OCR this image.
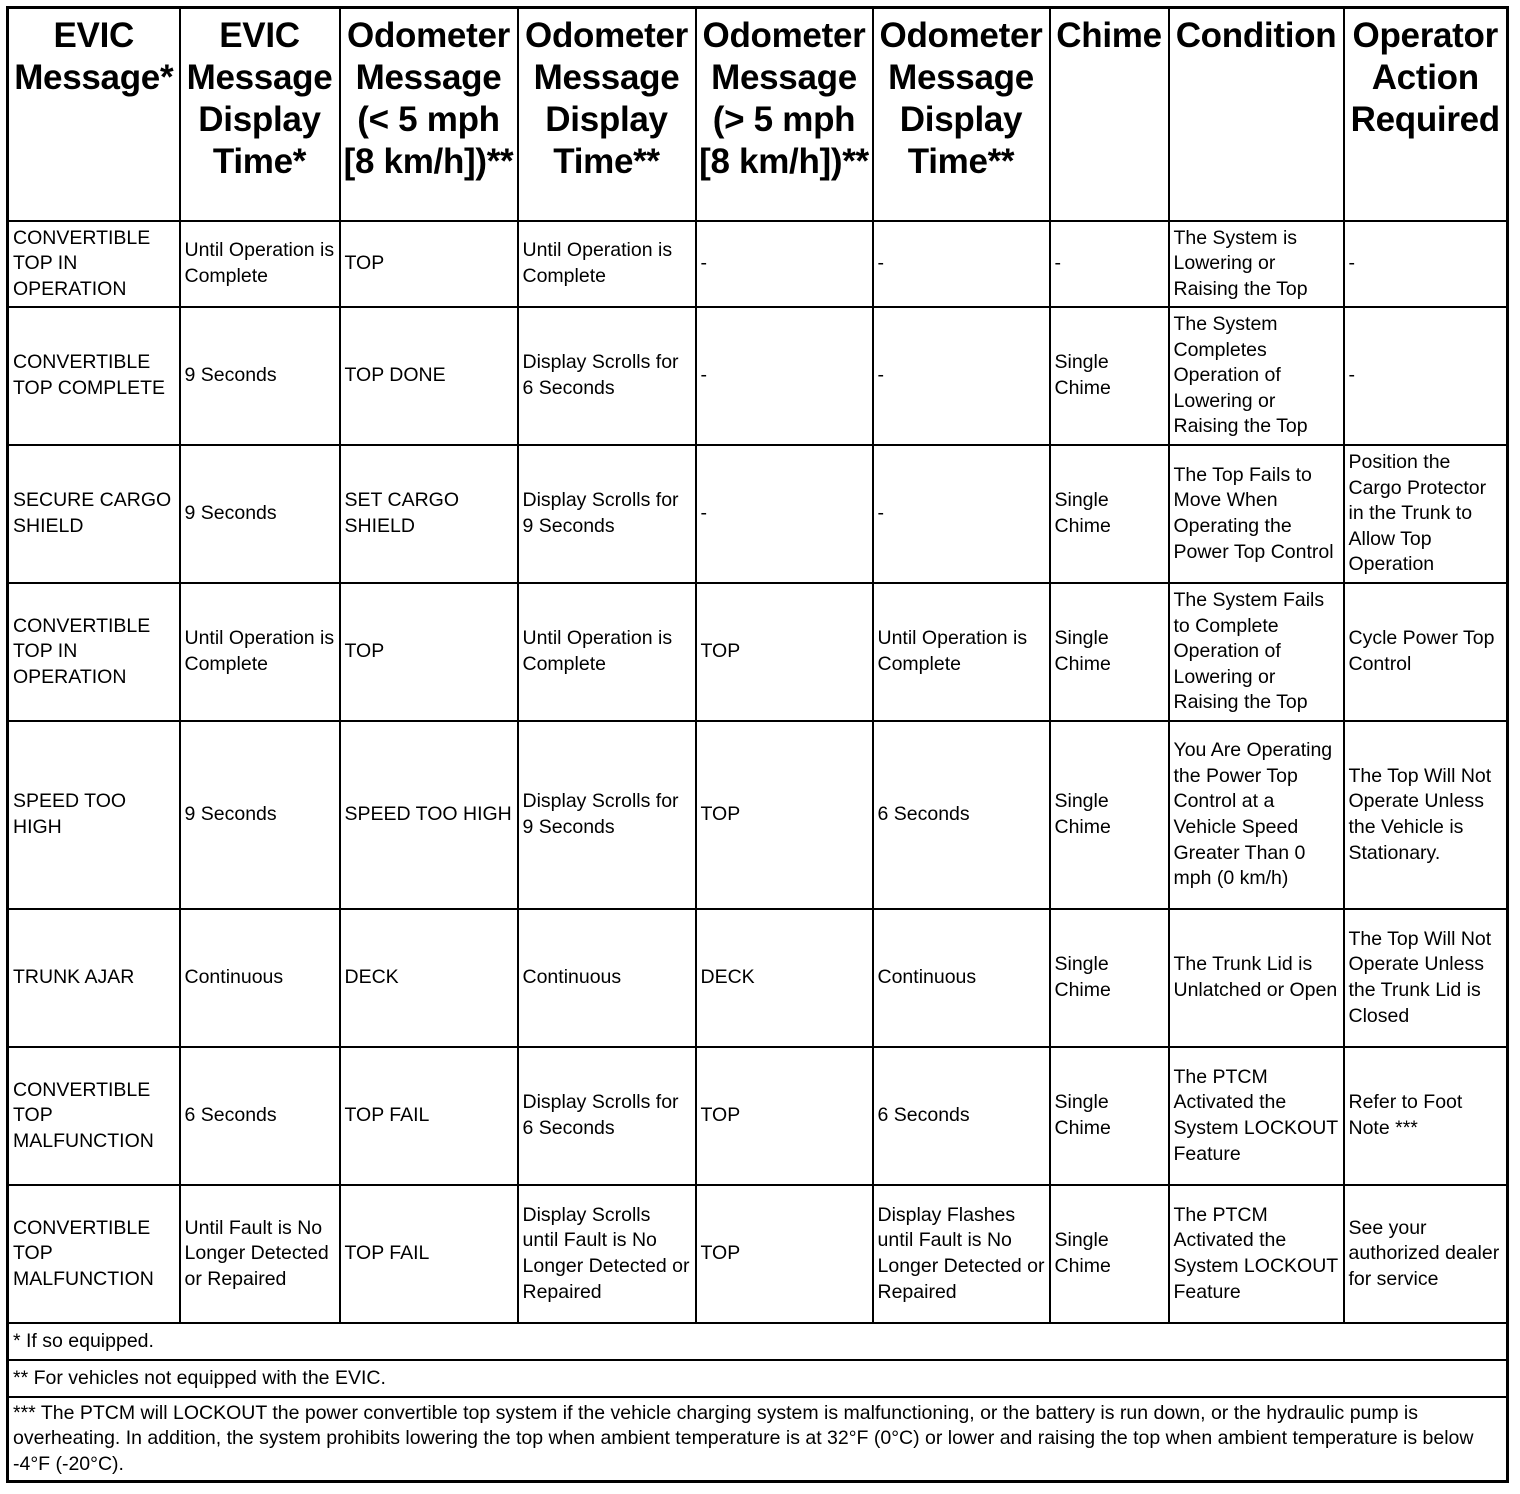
EVIC Message*	EVIC Message Display Time*	Odometer Message (< 5 mph [8 km/h])**	Odometer Message Display Time**	Odometer Message (> 5 mph [8 km/h])**	Odometer Message Display Time**	Chime	Condition	Operator Action Required
CONVERTIBLE TOP IN OPERATION	Until Operation is Complete	TOP	Until Operation is Complete	-	-	-	The System is Lowering or Raising the Top	-
CONVERTIBLE TOP COMPLETE	9 Seconds	TOP DONE	Display Scrolls for 6 Seconds	-	-	Single Chime	The System Completes Operation of Lowering or Raising the Top	-
SECURE CARGO SHIELD	9 Seconds	SET CARGO SHIELD	Display Scrolls for 9 Seconds	-	-	Single Chime	The Top Fails to Move When Operating the Power Top Control	Position the Cargo Protector in the Trunk to Allow Top Operation
CONVERTIBLE TOP IN OPERATION	Until Operation is Complete	TOP	Until Operation is Complete	TOP	Until Operation is Complete	Single Chime	The System Fails to Complete Operation of Lowering or Raising the Top	Cycle Power Top Control
SPEED TOO HIGH	9 Seconds	SPEED TOO HIGH	Display Scrolls for 9 Seconds	TOP	6 Seconds	Single Chime	You Are Operating the Power Top Control at a Vehicle Speed Greater Than 0 mph (0 km/h)	The Top Will Not Operate Unless the Vehicle is Stationary.
TRUNK AJAR	Continuous	DECK	Continuous	DECK	Continuous	Single Chime	The Trunk Lid is Unlatched or Open	The Top Will Not Operate Unless the Trunk Lid is Closed
CONVERTIBLE TOP MALFUNCTION	6 Seconds	TOP FAIL	Display Scrolls for 6 Seconds	TOP	6 Seconds	Single Chime	The PTCM Activated the System LOCKOUT Feature	Refer to Foot Note ***
CONVERTIBLE TOP MALFUNCTION	Until Fault is No Longer Detected or Repaired	TOP FAIL	Display Scrolls until Fault is No Longer Detected or Repaired	TOP	Display Flashes until Fault is No Longer Detected or Repaired	Single Chime	The PTCM Activated the System LOCKOUT Feature	See your authorized dealer for service
* If so equipped.								
** For vehicles not equipped with the EVIC.								
*** The PTCM will LOCKOUT the power convertible top system if the vehicle charging system is malfunctioning, or the battery is run down, or the hydraulic pump is overheating. In addition, the system prohibits lowering the top when ambient temperature is at 32°F (0°C) or lower and raising the top when ambient temperature is below -4°F (-20°C).								
